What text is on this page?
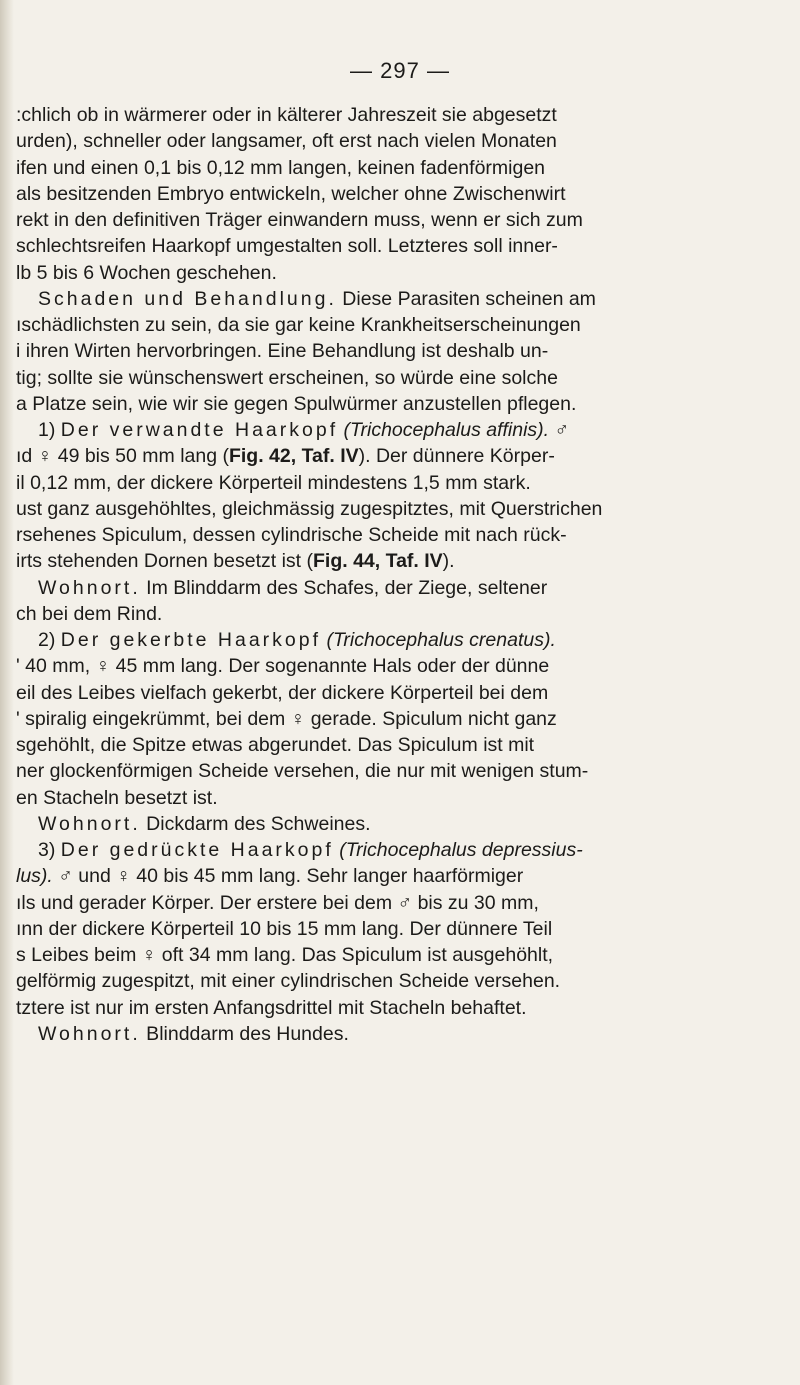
— 297 —
:chlich ob in wärmerer oder in kälterer Jahreszeit sie abgesetzt
urden), schneller oder langsamer, oft erst nach vielen Monaten
ifen und einen 0,1 bis 0,12 mm langen, keinen fadenförmigen
als besitzenden Embryo entwickeln, welcher ohne Zwischenwirt
rekt in den definitiven Träger einwandern muss, wenn er sich zum
schlechtsreifen Haarkopf umgestalten soll. Letzteres soll inner-
lb 5 bis 6 Wochen geschehen.
Schaden und Behandlung. Diese Parasiten scheinen am
ıschädlichsten zu sein, da sie gar keine Krankheitserscheinungen
i ihren Wirten hervorbringen. Eine Behandlung ist deshalb un-
tig; sollte sie wünschenswert erscheinen, so würde eine solche
a Platze sein, wie wir sie gegen Spulwürmer anzustellen pflegen.
1) Der verwandte Haarkopf (Trichocephalus affinis). ♂
ıd ♀ 49 bis 50 mm lang (Fig. 42, Taf. IV). Der dünnere Körper-
il 0,12 mm, der dickere Körperteil mindestens 1,5 mm stark.
ust ganz ausgehöhltes, gleichmässig zugespitztes, mit Querstrichen
rsehenes Spiculum, dessen cylindrische Scheide mit nach rück-
irts stehenden Dornen besetzt ist (Fig. 44, Taf. IV).
Wohnort. Im Blinddarm des Schafes, der Ziege, seltener
ch bei dem Rind.
2) Der gekerbte Haarkopf (Trichocephalus crenatus).
' 40 mm, ♀ 45 mm lang. Der sogenannte Hals oder der dünne
eil des Leibes vielfach gekerbt, der dickere Körperteil bei dem
' spiralig eingekrümmt, bei dem ♀ gerade. Spiculum nicht ganz
sgehöhlt, die Spitze etwas abgerundet. Das Spiculum ist mit
ner glockenförmigen Scheide versehen, die nur mit wenigen stum-
en Stacheln besetzt ist.
Wohnort. Dickdarm des Schweines.
3) Der gedrückte Haarkopf (Trichocephalus depressius-
lus). ♂ und ♀ 40 bis 45 mm lang. Sehr langer haarförmiger
ıls und gerader Körper. Der erstere bei dem ♂ bis zu 30 mm,
ınn der dickere Körperteil 10 bis 15 mm lang. Der dünnere Teil
s Leibes beim ♀ oft 34 mm lang. Das Spiculum ist ausgehöhlt,
gelförmig zugespitzt, mit einer cylindrischen Scheide versehen.
tztere ist nur im ersten Anfangsdrittel mit Stacheln behaftet.
Wohnort. Blinddarm des Hundes.
